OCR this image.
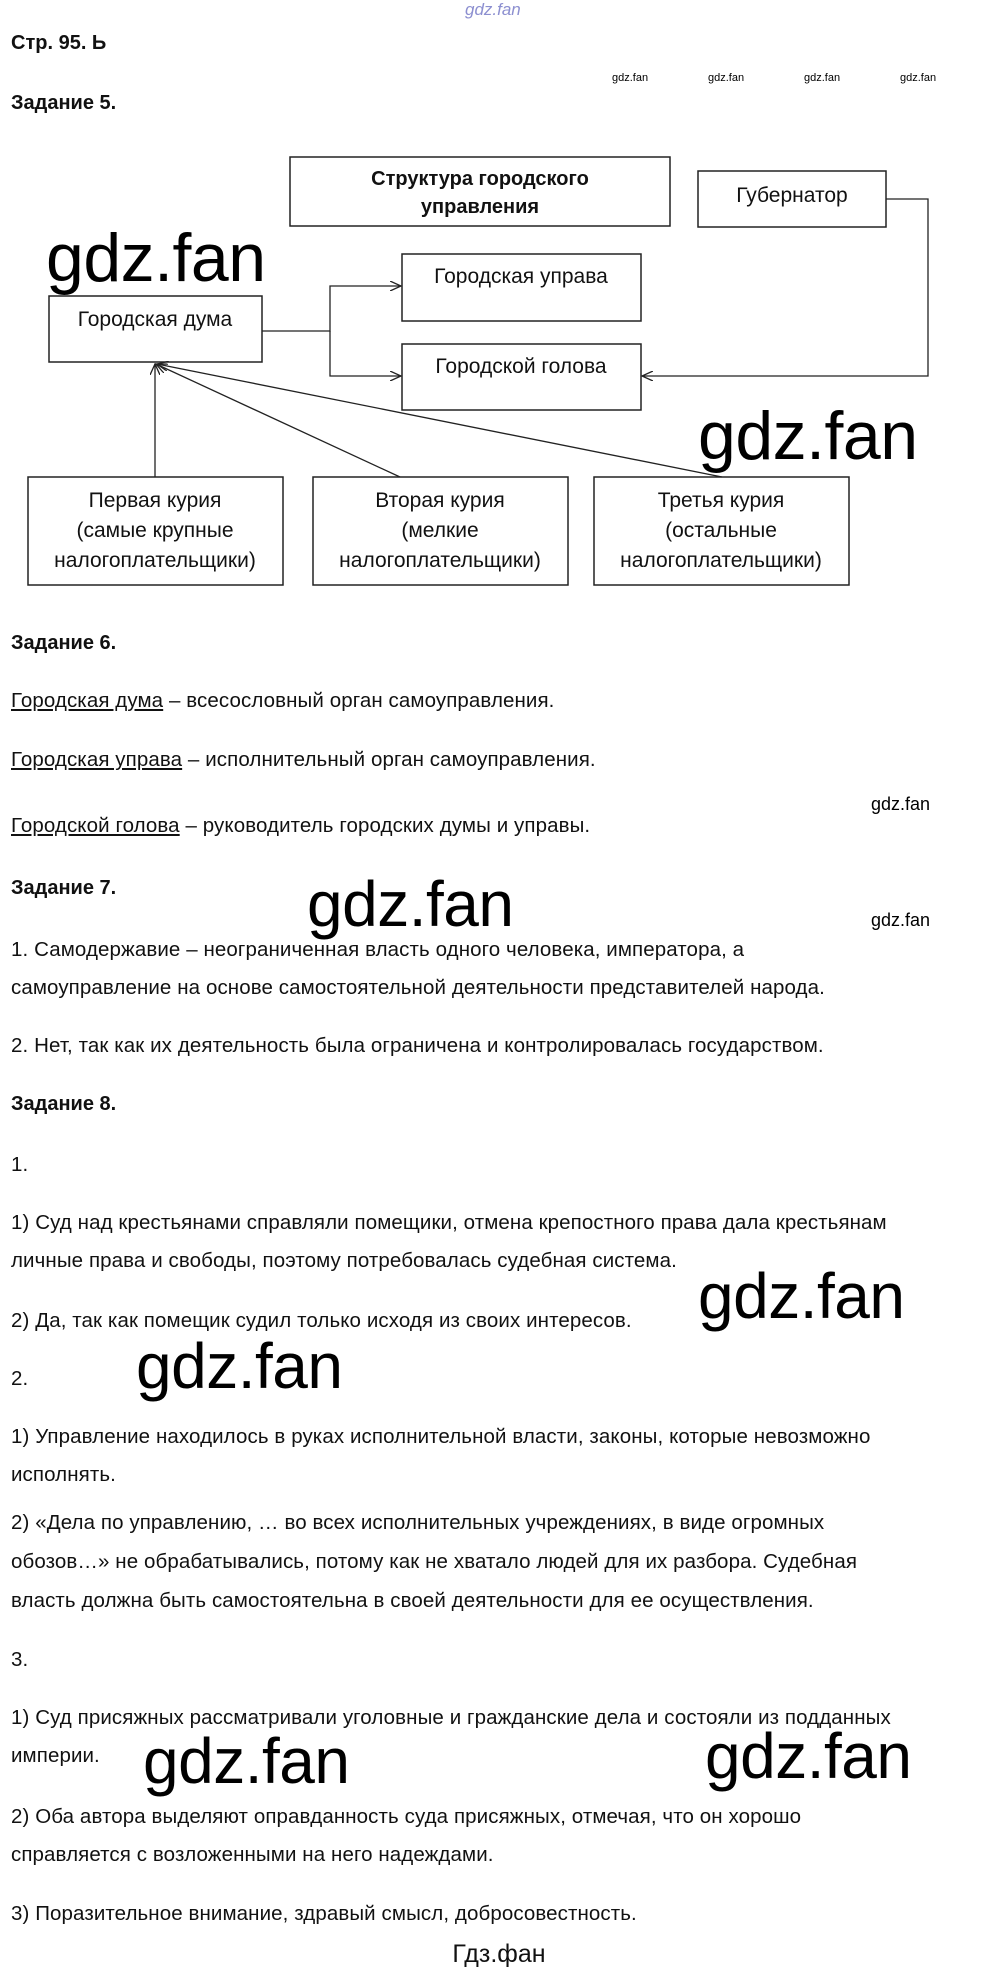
gdz.fan
Стр. 95. Ь
gdz.fan	gdz.fan	gdz.fan	gdz.fan
Задание 5.
Структура городского
управления	Губернатор
Городская дума
Городская управа
Городской голова
Первая курия
(самые крупные
налогоплательщики)
Вторая курия
(мелкие
налогоплательщики)
Третья курия
(остальные
налогоплательщики)
gdz.fan
gdz.fan
Задание 6.
Городская дума – всесословный орган самоуправления.
Городская управа – исполнительный орган самоуправления.
gdz.fan
Городской голова – руководитель городских думы и управы.
Задание 7.	gdz.fan	gdz.fan
1. Самодержавие – неограниченная власть одного человека, императора, а
самоуправление на основе самостоятельной деятельности представителей народа.
2. Нет, так как их деятельность была ограничена и контролировалась государством.
Задание 8.
1.
1) Суд над крестьянами справляли помещики, отмена крепостного права дала крестьянам
личные права и свободы, поэтому потребовалась судебная система.
2) Да, так как помещик судил только исходя из своих интересов. gdz.fan
gdz.fan
2.
1) Управление находилось в руках исполнительной власти, законы, которые невозможно
исполнять.
2) «Дела по управлению, … во всех исполнительных учреждениях, в виде огромных
обозов…» не обрабатывались, потому как не хватало людей для их разбора. Судебная
власть должна быть самостоятельна в своей деятельности для ее осуществления.
3.
1) Суд присяжных рассматривали уголовные и гражданские дела и состояли из подданных
империи. gdz.fan	gdz.fan
2) Оба автора выделяют оправданность суда присяжных, отмечая, что он хорошо
справляется с возложенными на него надеждами.
3) Поразительное внимание, здравый смысл, добросовестность.
Гдз.фан
